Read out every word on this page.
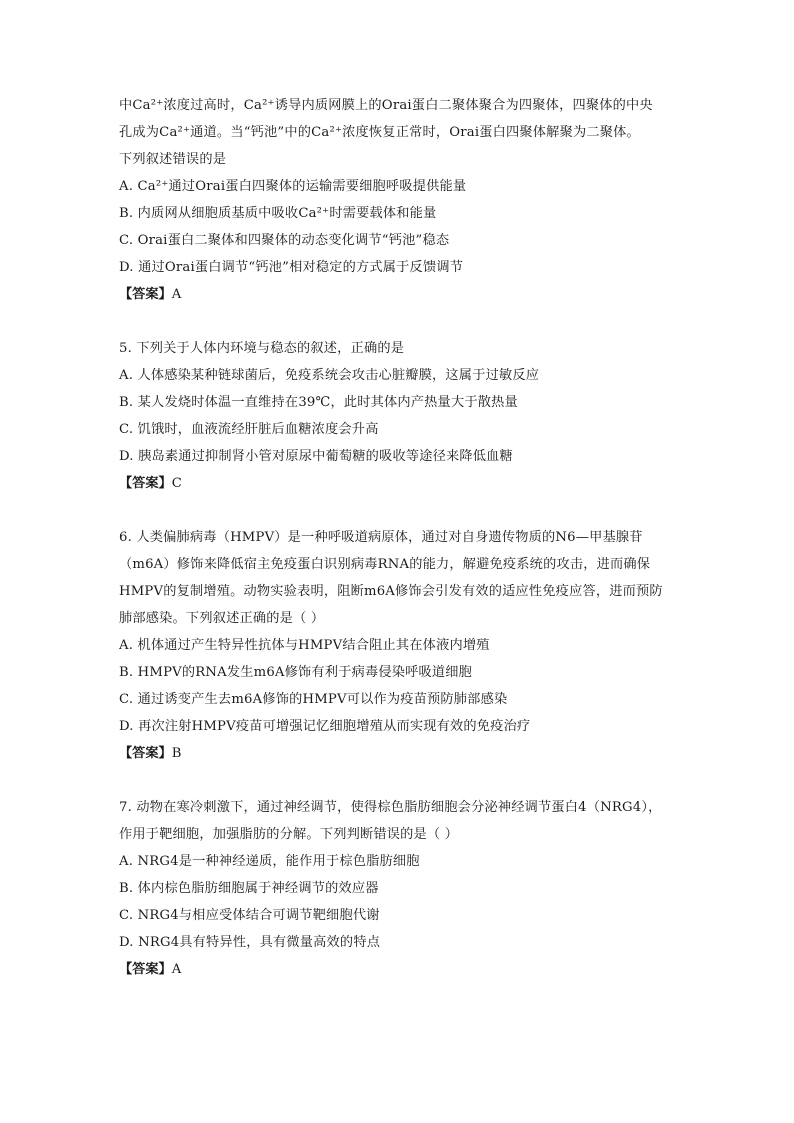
中Ca²⁺浓度过高时，Ca²⁺诱导内质网膜上的Orai蛋白二聚体聚合为四聚体，四聚体的中央
孔成为Ca²⁺通道。当“钙池”中的Ca²⁺浓度恢复正常时，Orai蛋白四聚体解聚为二聚体。
下列叙述错误的是
A. Ca²⁺通过Orai蛋白四聚体的运输需要细胞呼吸提供能量
B. 内质网从细胞质基质中吸收Ca²⁺时需要载体和能量
C. Orai蛋白二聚体和四聚体的动态变化调节“钙池”稳态
D. 通过Orai蛋白调节“钙池”相对稳定的方式属于反馈调节
【答案】A
5. 下列关于人体内环境与稳态的叙述，正确的是
A. 人体感染某种链球菌后，免疫系统会攻击心脏瓣膜，这属于过敏反应
B. 某人发烧时体温一直维持在39℃，此时其体内产热量大于散热量
C. 饥饿时，血液流经肝脏后血糖浓度会升高
D. 胰岛素通过抑制肾小管对原尿中葡萄糖的吸收等途径来降低血糖
【答案】C
6. 人类偏肺病毒（HMPV）是一种呼吸道病原体，通过对自身遗传物质的N6—甲基腺苷
（m6A）修饰来降低宿主免疫蛋白识别病毒RNA的能力，解避免疫系统的攻击，进而确保
HMPV的复制增殖。动物实验表明，阻断m6A修饰会引发有效的适应性免疫应答，进而预防
肺部感染。下列叙述正确的是（ ）
A. 机体通过产生特异性抗体与HMPV结合阻止其在体液内增殖
B. HMPV的RNA发生m6A修饰有利于病毒侵染呼吸道细胞
C. 通过诱变产生去m6A修饰的HMPV可以作为疫苗预防肺部感染
D. 再次注射HMPV疫苗可增强记忆细胞增殖从而实现有效的免疫治疗
【答案】B
7. 动物在寒冷刺激下，通过神经调节，使得棕色脂肪细胞会分泌神经调节蛋白4（NRG4），
作用于靶细胞，加强脂肪的分解。下列判断错误的是（ ）
A. NRG4是一种神经递质，能作用于棕色脂肪细胞
B. 体内棕色脂肪细胞属于神经调节的效应器
C. NRG4与相应受体结合可调节靶细胞代谢
D. NRG4具有特异性，具有微量高效的特点
【答案】A
